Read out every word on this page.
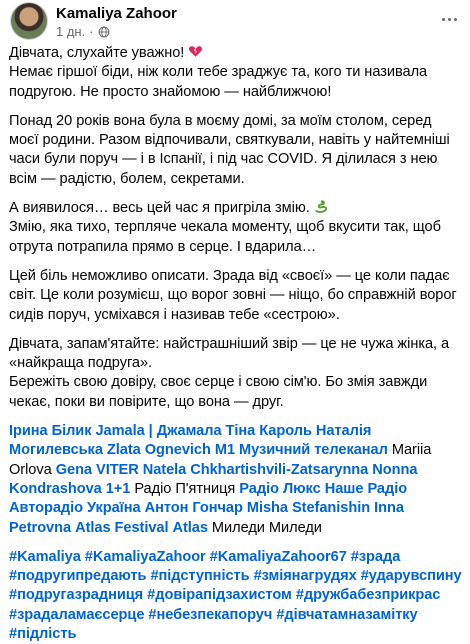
Kamaliya Zahoor
1 дн. ·

Дівчата, слухайте уважно!
Немає гіршої біди, ніж коли тебе зраджує та, кого ти називала подругою. Не просто знайомою — найближчою!

Понад 20 років вона була в моєму домі, за моїм столом, серед моєї родини. Разом відпочивали, святкували, навіть у найтемніші часи були поруч — і в Іспанії, і під час COVID. Я ділилася з нею всім — радістю, болем, секретами.

А виявилося… весь цей час я пригріла змію.
Змію, яка тихо, терпляче чекала моменту, щоб вкусити так, щоб отрута потрапила прямо в серце. І вдарила…

Цей біль неможливо описати. Зрада від «своєї» — це коли падає світ. Це коли розумієш, що ворог зовні — ніщо, бо справжній ворог сидів поруч, усміхався і називав тебе «сестрою».

Дівчата, запам'ятайте: найстрашніший звір — це не чужа жінка, а «найкраща подруга».
Бережіть свою довіру, своє серце і свою сім'ю. Бо змія завжди чекає, поки ви повірите, що вона — друг.

Ірина Білик Jamala | Джамала Тіна Кароль Наталія Могилевська Zlata Ognevich М1 Музичний телеканал Mariia Orlova Gena VITER Natela Chkhartishvili-Zatsarynna Nonna Kondrashova 1+1 Радіо П'ятниця Радіо Люкс Наше Радіо Авторадіо Україна Антон Гончар Misha Stefanishin Inna Petrovna Atlas Festival Atlas Миледи Миледи

#Kamaliya #KamaliyaZahoor #KamaliyaZahoor67 #зрада #подругипредають #підступність #зміянагрудях #ударувспину #подругазрадниця #довірапідзахистом #дружбабезприкрас #зрадаламаєсерце #небезпекапоруч #дівчатамназамітку #підлість
